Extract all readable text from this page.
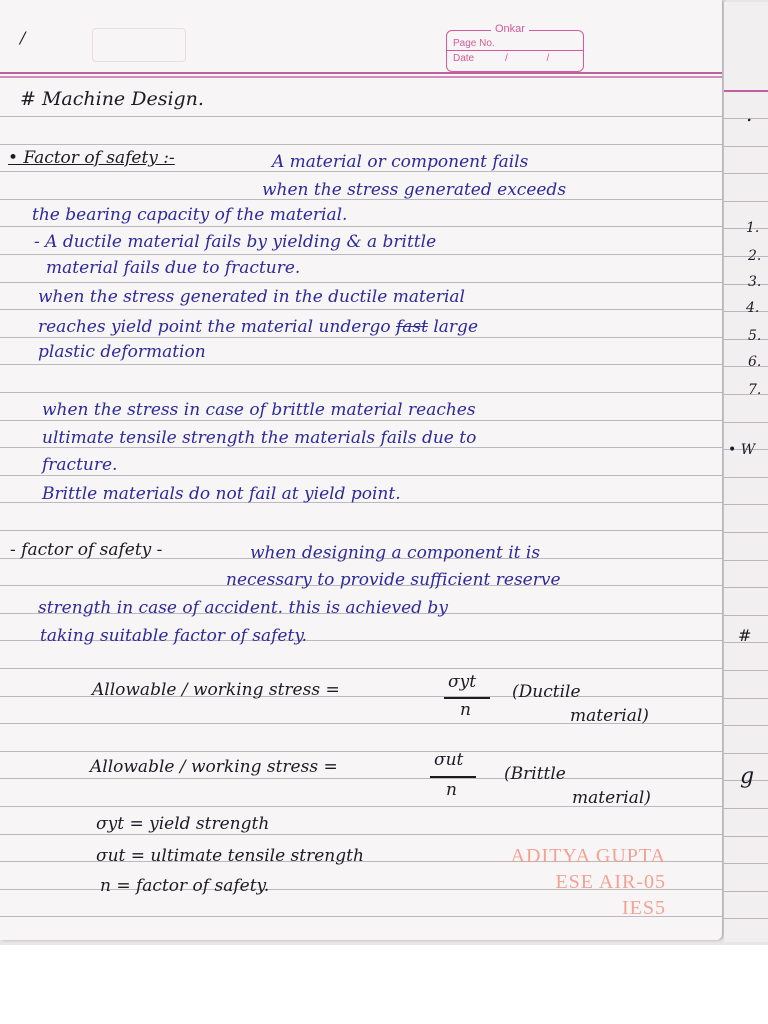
Onkar
Page No.
Date	/ /
/
# Machine Design.
• Factor of safety :-	A material or component fails
when the stress generated exceeds
the bearing capacity of the material.
- A ductile material fails by yielding & a brittle
material fails due to fracture.
when the stress generated in the ductile material
reaches yield point the material undergo fast large
plastic deformation
when the stress in case of brittle material reaches
ultimate tensile strength the materials fails due to
fracture.
Brittle materials do not fail at yield point.
- factor of safety -	when designing a component it is
necessary to provide sufficient reserve
strength in case of accident. this is achieved by
taking suitable factor of safety.
Allowable / working stress =	σyt
n
(Ductile
material)
Allowable / working stress =	σut
n
(Brittle
material)
σyt = yield strength
σut = ultimate tensile strength
n = factor of safety.
ADITYA GUPTA
ESE AIR-05
IES5
.
1.
2.
3.
4.
5.
6.
7.
• W
#
g
